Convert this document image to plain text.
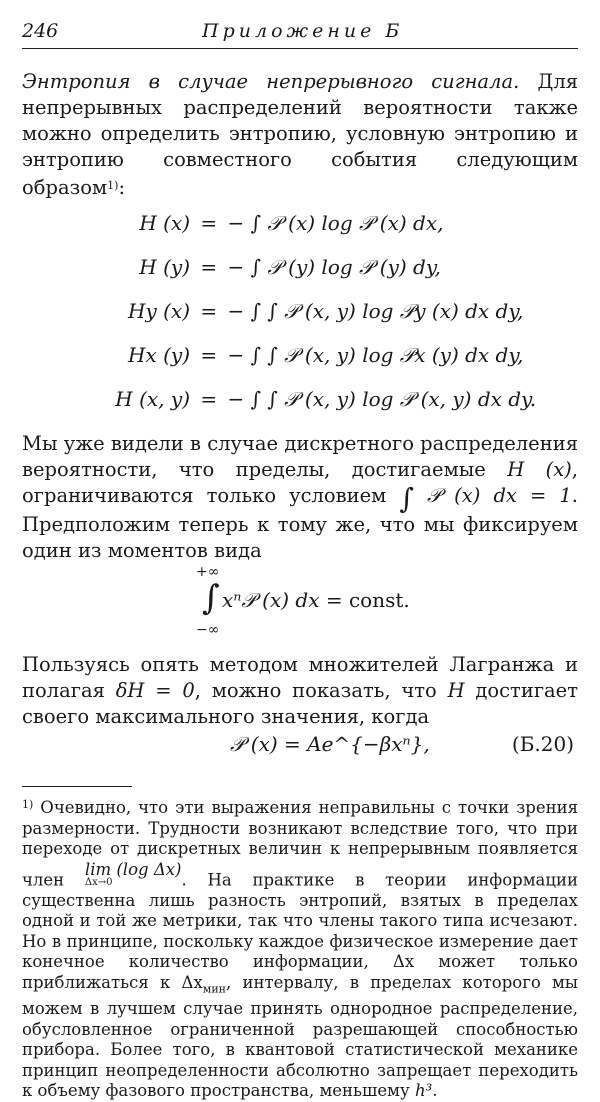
246	Приложение Б

Энтропия в случае непрерывного сигнала. Для непрерывных распределений вероятности также можно определить энтропию, условную энтропию и энтропию совместного события следующим образом$^{1)}$:

H (x) = − ∫ 𝒫 (x) log 𝒫 (x) dx,
H (y) = − ∫ 𝒫 (y) log 𝒫 (y) dy,
Hy (x) = − ∫ ∫ 𝒫 (x, y) log 𝒫y (x) dx dy,
Hx (y) = − ∫ ∫ 𝒫 (x, y) log 𝒫x (y) dx dy,
H (x, y) = − ∫ ∫ 𝒫 (x, y) log 𝒫 (x, y) dx dy.

Мы уже видели в случае дискретного распределения вероятности, что пределы, достигаемые H (x), ограничиваются только условием ∫ 𝒫 (x) dx = 1. Предположим теперь к тому же, что мы фиксируем один из моментов вида

+∞
∫
−∞
xⁿ𝒫 (x) dx = const.

Пользуясь опять методом множителей Лагранжа и полагая δH = 0, можно показать, что H достигает своего максимального значения, когда

𝒫 (x) = Ae^{−βxⁿ},	(Б.20)

$^{1)}$ Очевидно, что эти выражения неправильны с точки зрения размерности. Трудности возникают вследствие того, что при переходе от дискретных величин к непрерывным появляется член lim (log Δx)
Δx→0	. На практике в теории информации существенна лишь разность энтропий, взятых в пределах одной и той же метрики, так что члены такого типа исчезают. Но в принципе, поскольку каждое физическое измерение дает конечное количество информации, Δx может только приближаться к $\Delta x_{мин}$, интервалу, в пределах которого мы можем в лучшем случае принять однородное распределение, обусловленное ограниченной разрешающей способностью прибора. Более того, в квантовой статистической механике принцип неопределенности абсолютно запрещает переходить к объему фазового пространства, меньшему h³.
